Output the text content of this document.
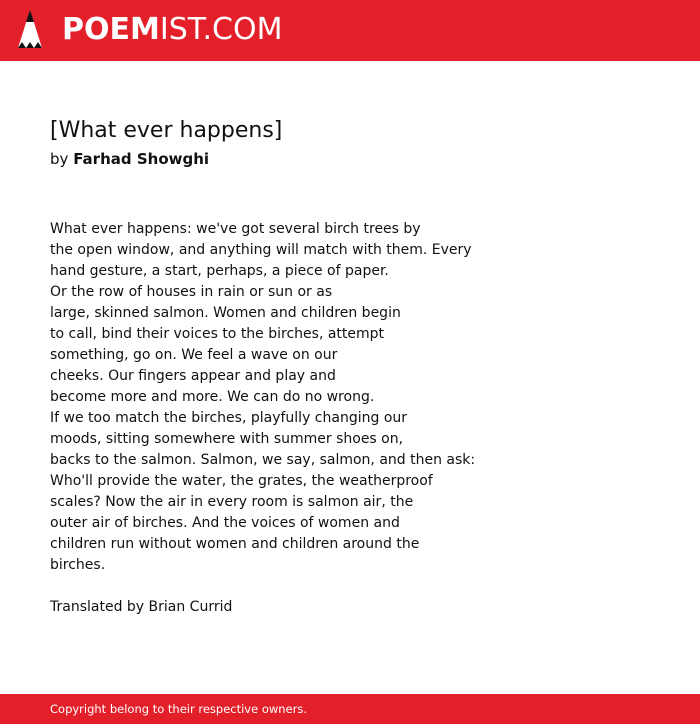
POEMIST.COM
[What ever happens]
by Farhad Showghi
What ever happens: we've got several birch trees by
the open window, and anything will match with them. Every
hand gesture, a start, perhaps, a piece of paper.
Or the row of houses in rain or sun or as
large, skinned salmon. Women and children begin
to call, bind their voices to the birches, attempt
something, go on. We feel a wave on our
cheeks. Our fingers appear and play and
become more and more. We can do no wrong.
If we too match the birches, playfully changing our
moods, sitting somewhere with summer shoes on,
backs to the salmon. Salmon, we say, salmon, and then ask:
Who'll provide the water, the grates, the weatherproof
scales? Now the air in every room is salmon air, the
outer air of birches. And the voices of women and
children run without women and children around the
birches.
Translated by Brian Currid
Copyright belong to their respective owners.
